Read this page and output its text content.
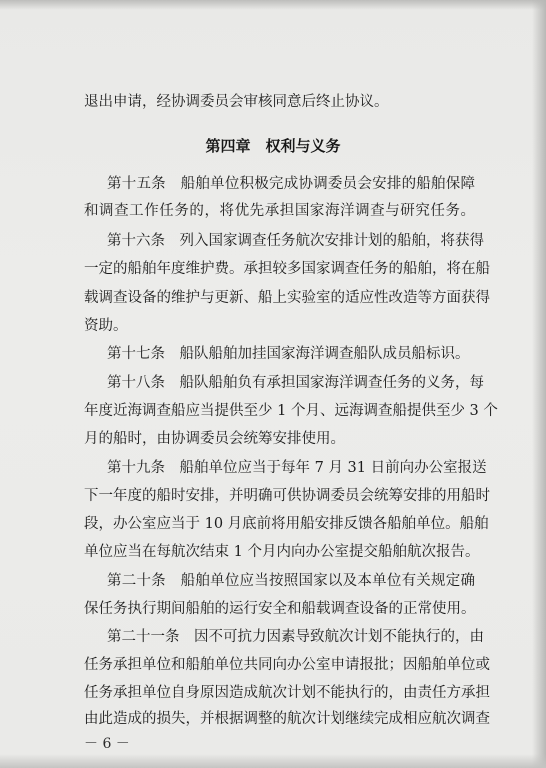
退出申请，经协调委员会审核同意后终止协议。
第四章　权利与义务
第十五条　船舶单位积极完成协调委员会安排的船舶保障
和调查工作任务的，将优先承担国家海洋调查与研究任务。
第十六条　列入国家调查任务航次安排计划的船舶，将获得
一定的船舶年度维护费。承担较多国家调查任务的船舶，将在船
载调查设备的维护与更新、船上实验室的适应性改造等方面获得
资助。
第十七条　船队船舶加挂国家海洋调查船队成员船标识。
第十八条　船队船舶负有承担国家海洋调查任务的义务，每
年度近海调查船应当提供至少 1 个月、远海调查船提供至少 3 个
月的船时，由协调委员会统筹安排使用。
第十九条　船舶单位应当于每年 7 月 31 日前向办公室报送
下一年度的船时安排，并明确可供协调委员会统筹安排的用船时
段，办公室应当于 10 月底前将用船安排反馈各船舶单位。船舶
单位应当在每航次结束 1 个月内向办公室提交船舶航次报告。
第二十条　船舶单位应当按照国家以及本单位有关规定确
保任务执行期间船舶的运行安全和船载调查设备的正常使用。
第二十一条　因不可抗力因素导致航次计划不能执行的，由
任务承担单位和船舶单位共同向办公室申请报批；因船舶单位或
任务承担单位自身原因造成航次计划不能执行的，由责任方承担
由此造成的损失，并根据调整的航次计划继续完成相应航次调查
－ 6 －
